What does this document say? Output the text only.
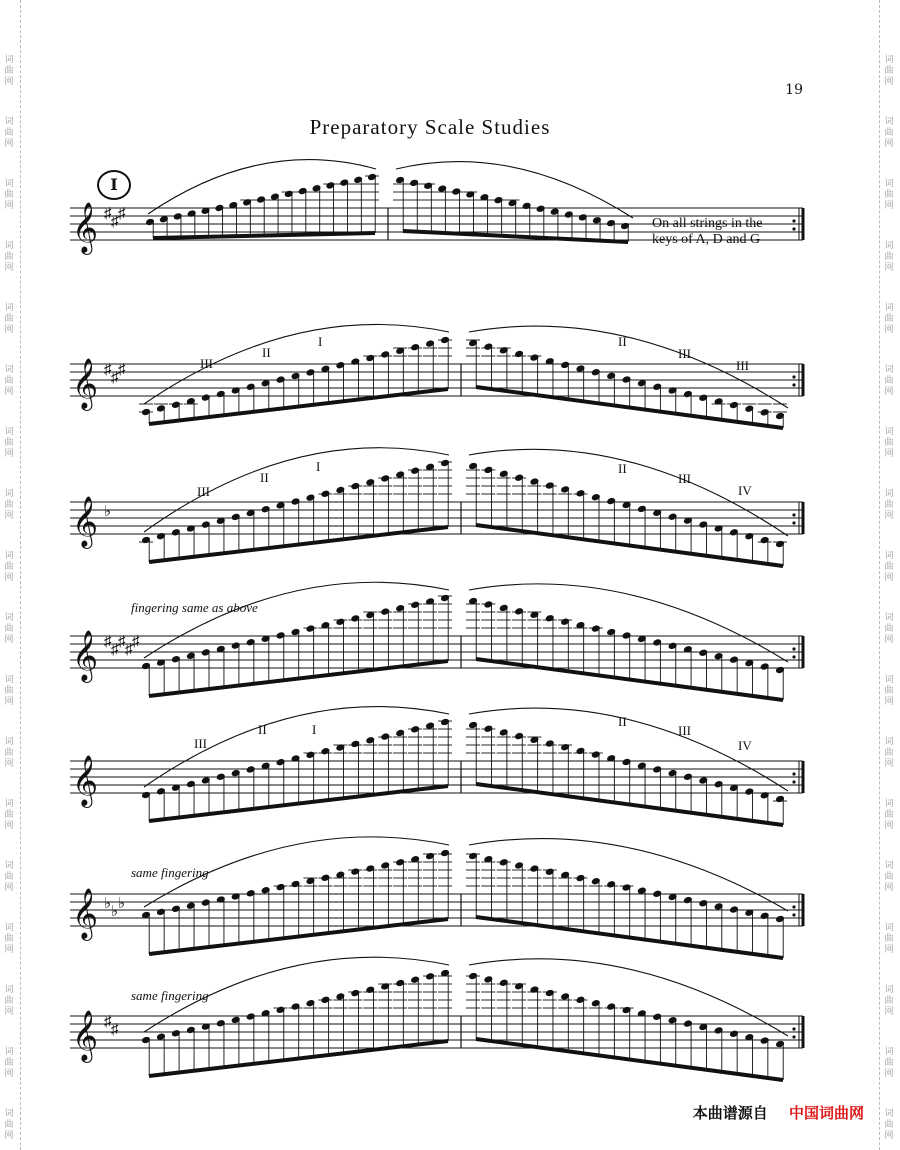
词
曲
网
词
曲
网
词
曲
网
词
曲
网
词
曲
网
词
曲
网
词
曲
网
词
曲
网
词
曲
网
词
曲
网
词
曲
网
词
曲
网
词
曲
网
词
曲
网
词
曲
网
词
曲
网
词
曲
网
词
曲
网
词
曲
网
词
曲
网
词
曲
网
词
曲
网
词
曲
网
词
曲
网
词
曲
网
词
曲
网
词
曲
网
词
曲
网
词
曲
网
词
曲
网
词
曲
网
词
曲
网
词
曲
网
词
曲
网
词
曲
网
词
曲
网
19
Preparatory Scale Studies
I
On all strings in the
keys of A, D and G
fingering same as above
same fingering
same fingering
𝄞 ♯ ♯ ♯
𝄞 ♯ ♯ ♯
𝄞 ♭
𝄞 ♯ ♯ ♯ ♯ ♯
𝄞
𝄞 ♭ ♭ ♭
𝄞 ♯ ♯
III
II
I	II
III
III
III
II
I	II
III
IV
III
II	I
II
III
IV
本曲谱源自 中国词曲网
